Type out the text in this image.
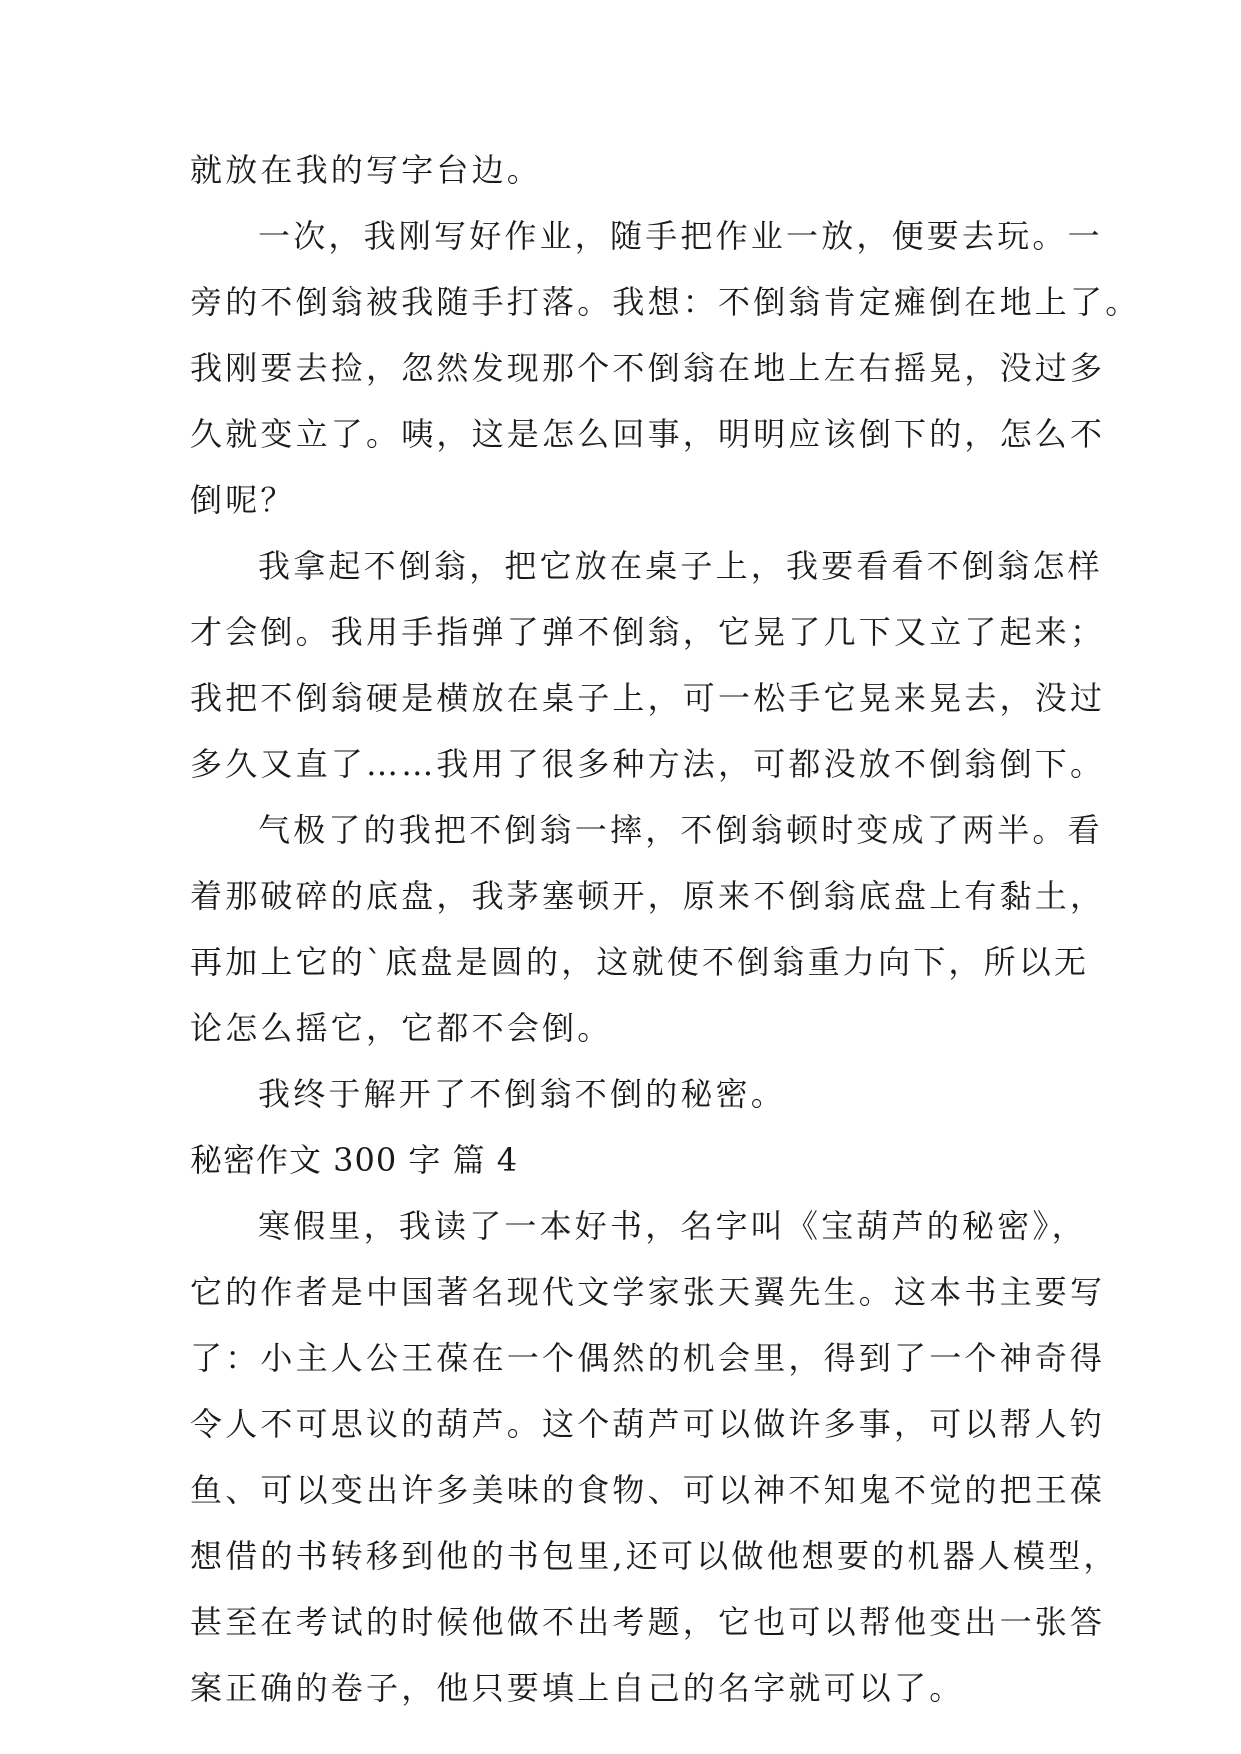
就放在我的写字台边。
一次，我刚写好作业，随手把作业一放，便要去玩。一
旁的不倒翁被我随手打落。我想：不倒翁肯定瘫倒在地上了。
我刚要去捡，忽然发现那个不倒翁在地上左右摇晃，没过多
久就变立了。咦，这是怎么回事，明明应该倒下的，怎么不
倒呢？
我拿起不倒翁，把它放在桌子上，我要看看不倒翁怎样
才会倒。我用手指弹了弹不倒翁，它晃了几下又立了起来；
我把不倒翁硬是横放在桌子上，可一松手它晃来晃去，没过
多久又直了……我用了很多种方法，可都没放不倒翁倒下。
气极了的我把不倒翁一摔，不倒翁顿时变成了两半。看
着那破碎的底盘，我茅塞顿开，原来不倒翁底盘上有黏土，
再加上它的`底盘是圆的，这就使不倒翁重力向下，所以无
论怎么摇它，它都不会倒。
我终于解开了不倒翁不倒的秘密。
秘密作文 300 字 篇 4
寒假里，我读了一本好书，名字叫《宝葫芦的秘密》，
它的作者是中国著名现代文学家张天翼先生。这本书主要写
了：小主人公王葆在一个偶然的机会里，得到了一个神奇得
令人不可思议的葫芦。这个葫芦可以做许多事，可以帮人钓
鱼、可以变出许多美味的食物、可以神不知鬼不觉的把王葆
想借的书转移到他的书包里,还可以做他想要的机器人模型，
甚至在考试的时候他做不出考题，它也可以帮他变出一张答
案正确的卷子，他只要填上自己的名字就可以了。
